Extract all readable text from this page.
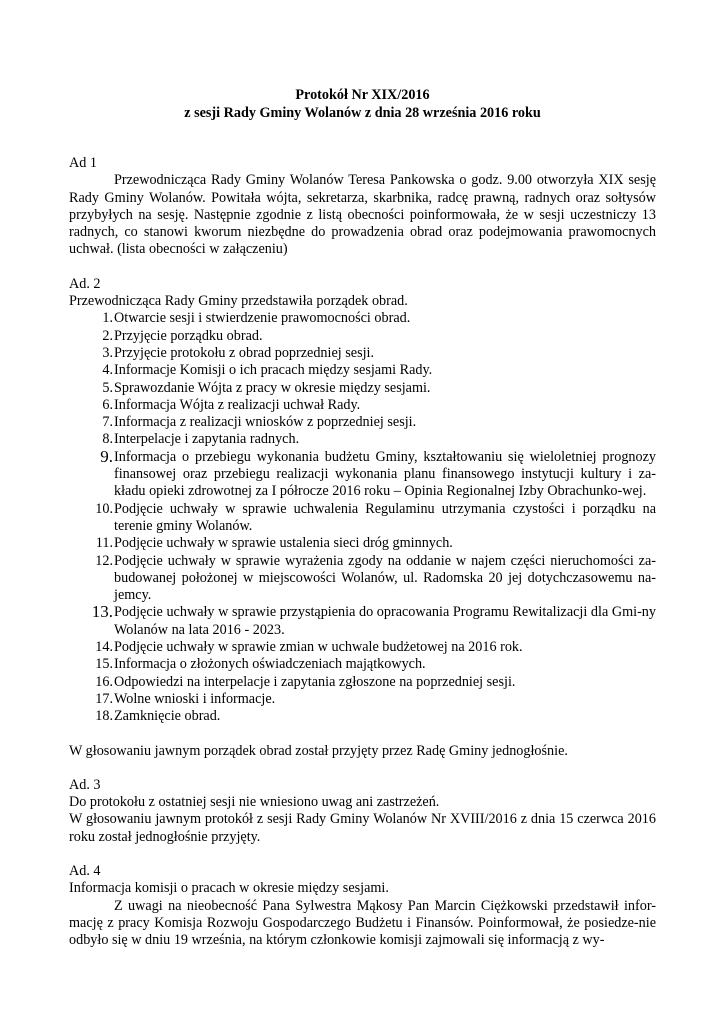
Protokół Nr XIX/2016
z sesji Rady Gminy Wolanów z dnia 28 września 2016 roku
Ad 1
Przewodnicząca Rady Gminy Wolanów Teresa Pankowska o godz. 9.00 otworzyła XIX sesję Rady Gminy Wolanów. Powitała wójta, sekretarza, skarbnika, radcę prawną, radnych oraz sołtysów przybyłych na sesję. Następnie zgodnie z listą obecności poinformowała, że w sesji uczestniczy 13 radnych, co stanowi kworum niezbędne do prowadzenia obrad oraz podejmowania prawomocnych uchwał. (lista obecności w załączeniu)
Ad. 2
Przewodnicząca Rady Gminy przedstawiła porządek obrad.
1. Otwarcie sesji i stwierdzenie prawomocności obrad.
2. Przyjęcie porządku obrad.
3. Przyjęcie protokołu z obrad poprzedniej sesji.
4. Informacje Komisji o ich pracach między sesjami Rady.
5. Sprawozdanie Wójta z pracy w okresie między sesjami.
6. Informacja Wójta z realizacji uchwał Rady.
7. Informacja z realizacji wniosków z poprzedniej sesji.
8. Interpelacje i zapytania radnych.
9. Informacja o przebiegu wykonania budżetu Gminy, kształtowaniu się wieloletniej prognozy finansowej oraz przebiegu realizacji wykonania planu finansowego instytucji kultury i za-kładu opieki zdrowotnej za I półrocze 2016 roku – Opinia Regionalnej Izby Obrachunko-wej.
10. Podjęcie uchwały w sprawie uchwalenia Regulaminu utrzymania czystości i porządku na terenie gminy Wolanów.
11. Podjęcie uchwały w sprawie ustalenia sieci dróg gminnych.
12. Podjęcie uchwały w sprawie wyrażenia zgody na oddanie w najem części nieruchomości za-budowanej położonej w miejscowości Wolanów, ul. Radomska 20 jej dotychczasowemu na-jemcy.
13. Podjęcie uchwały w sprawie przystąpienia do opracowania Programu Rewitalizacji dla Gmi-ny Wolanów na lata 2016 - 2023.
14. Podjęcie uchwały w sprawie zmian w uchwale budżetowej na 2016 rok.
15. Informacja o złożonych oświadczeniach majątkowych.
16. Odpowiedzi na interpelacje i zapytania zgłoszone na poprzedniej sesji.
17. Wolne wnioski i informacje.
18. Zamknięcie obrad.
W głosowaniu jawnym porządek obrad został przyjęty przez Radę Gminy jednogłośnie.
Ad. 3
Do protokołu z ostatniej sesji nie wniesiono uwag ani zastrzeżeń.
W głosowaniu jawnym protokół z sesji Rady Gminy Wolanów Nr XVIII/2016 z dnia 15 czerwca 2016 roku został jednogłośnie przyjęty.
Ad. 4
Informacja komisji o pracach w okresie między sesjami.
Z uwagi na nieobecność Pana Sylwestra Mąkosy Pan Marcin Ciężkowski przedstawił infor-mację z pracy Komisja Rozwoju Gospodarczego Budżetu i Finansów. Poinformował, że posiedze-nie odbyło się w dniu 19 września, na którym członkowie komisji zajmowali się informacją z wy-
